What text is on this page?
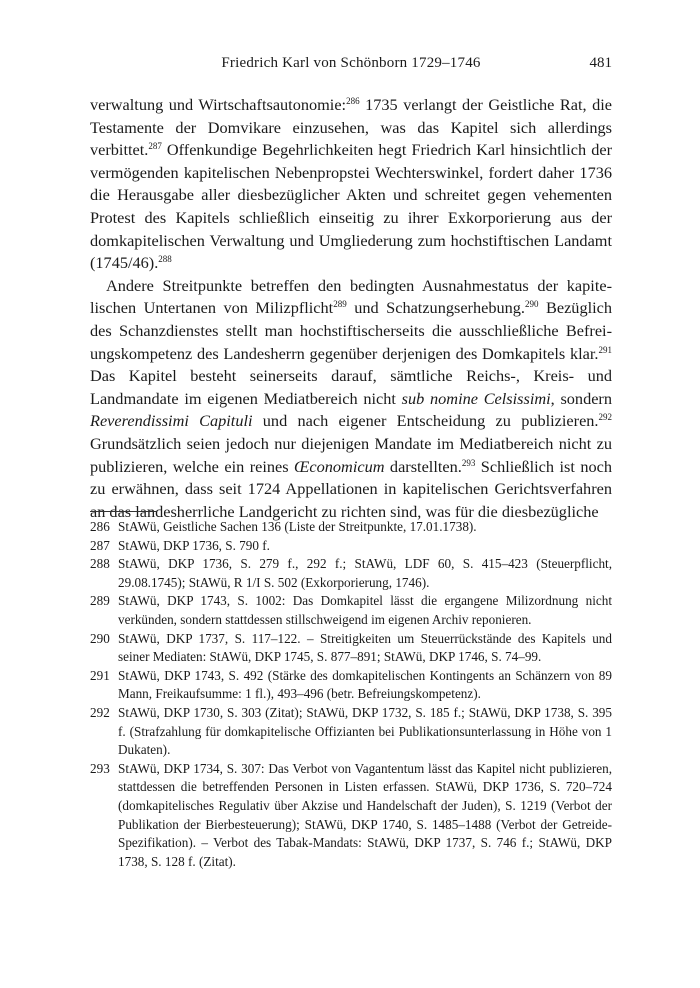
Friedrich Karl von Schönborn 1729–1746	481

verwaltung und Wirtschaftsautonomie:$^{286}$ 1735 verlangt der Geistliche Rat, die Testamente der Domvikare einzusehen, was das Kapitel sich allerdings verbittet.$^{287}$ Offenkundige Begehrlichkeiten hegt Friedrich Karl hinsichtlich der vermögenden kapitelischen Nebenpropstei Wechterswinkel, fordert daher 1736 die Herausgabe aller diesbezüglicher Akten und schreitet gegen vehementen Protest des Kapitels schließlich einseitig zu ihrer Exkorporierung aus der domkapitelischen Verwaltung und Umgliederung zum hochstiftischen Landamt (1745/46).$^{288}$

Andere Streitpunkte betreffen den bedingten Ausnahmestatus der kapitelischen Untertanen von Milizpflicht$^{289}$ und Schatzungserhebung.$^{290}$ Bezüglich des Schanzdienstes stellt man hochstiftischerseits die ausschließliche Befreiungskompetenz des Landesherrn gegenüber derjenigen des Domkapitels klar.$^{291}$ Das Kapitel besteht seinerseits darauf, sämtliche Reichs-, Kreis- und Landmandate im eigenen Mediatbereich nicht sub nomine Celsissimi, sondern Reverendissimi Capituli und nach eigener Entscheidung zu publizieren.$^{292}$ Grundsätzlich seien jedoch nur diejenigen Mandate im Mediatbereich nicht zu publizieren, welche ein reines Œconomicum darstellten.$^{293}$ Schließlich ist noch zu erwähnen, dass seit 1724 Appellationen in kapitelischen Gerichtsverfahren an das landesherrliche Landgericht zu richten sind, was für die diesbezügliche

286 StAWü, Geistliche Sachen 136 (Liste der Streitpunkte, 17.01.1738).
287 StAWü, DKP 1736, S. 790 f.
288 StAWü, DKP 1736, S. 279 f., 292 f.; StAWü, LDF 60, S. 415–423 (Steuerpflicht, 29.08.1745); StAWü, R 1/I S. 502 (Exkorporierung, 1746).
289 StAWü, DKP 1743, S. 1002: Das Domkapitel lässt die ergangene Milizordnung nicht verkünden, sondern stattdessen stillschweigend im eigenen Archiv reponieren.
290 StAWü, DKP 1737, S. 117–122. – Streitigkeiten um Steuerrückstände des Kapitels und seiner Mediaten: StAWü, DKP 1745, S. 877–891; StAWü, DKP 1746, S. 74–99.
291 StAWü, DKP 1743, S. 492 (Stärke des domkapitelischen Kontingents an Schänzern von 89 Mann, Freikaufsumme: 1 fl.), 493–496 (betr. Befreiungskompetenz).
292 StAWü, DKP 1730, S. 303 (Zitat); StAWü, DKP 1732, S. 185 f.; StAWü, DKP 1738, S. 395 f. (Strafzahlung für domkapitelische Offizianten bei Publikationsunterlassung in Höhe von 1 Dukaten).
293 StAWü, DKP 1734, S. 307: Das Verbot von Vagantentum lässt das Kapitel nicht publizieren, stattdessen die betreffenden Personen in Listen erfassen. StAWü, DKP 1736, S. 720–724 (domkapitelisches Regulativ über Akzise und Handelschaft der Juden), S. 1219 (Verbot der Publikation der Bierbesteuerung); StAWü, DKP 1740, S. 1485–1488 (Verbot der Getreide-Spezifikation). – Verbot des Tabak-Mandats: StAWü, DKP 1737, S. 746 f.; StAWü, DKP 1738, S. 128 f. (Zitat).
